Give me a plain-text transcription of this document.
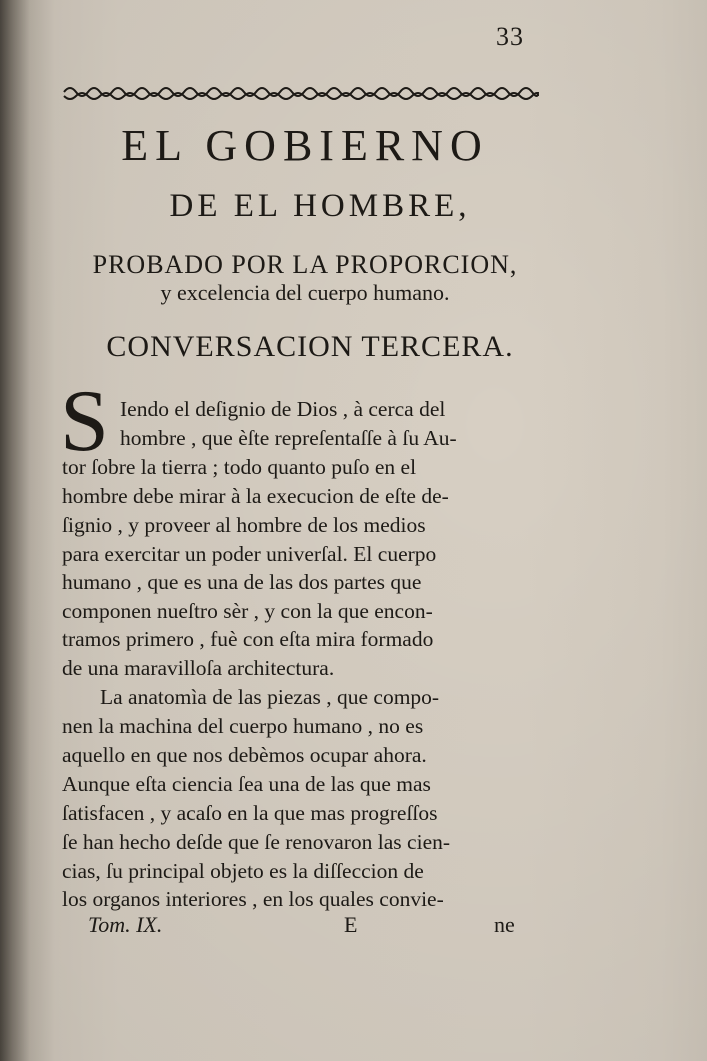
33
EL GOBIERNO
DE EL HOMBRE,
PROBADO POR LA PROPORCION,
y excelencia del cuerpo humano.
CONVERSACION TERCERA.
S Iendo el deſignio de Dios , à cerca del
hombre , que èſte repreſentaſſe à ſu Au-
tor ſobre la tierra ; todo quanto puſo en el
hombre debe mirar à la execucion de eſte de-
ſignio , y proveer al hombre de los medios
para exercitar un poder univerſal. El cuerpo
humano , que es una de las dos partes que
componen nueſtro sèr , y con la que encon-
tramos primero , fuè con eſta mira formado
de una maravilloſa architectura.
La anatomìa de las piezas , que compo-
nen la machina del cuerpo humano , no es
aquello en que nos debèmos ocupar ahora.
Aunque eſta ciencia ſea una de las que mas
ſatisfacen , y acaſo en la que mas progreſſos
ſe han hecho deſde que ſe renovaron las cien-
cias, ſu principal objeto es la diſſeccion de
los organos interiores , en los quales convie-
Tom. IX.	E	ne
